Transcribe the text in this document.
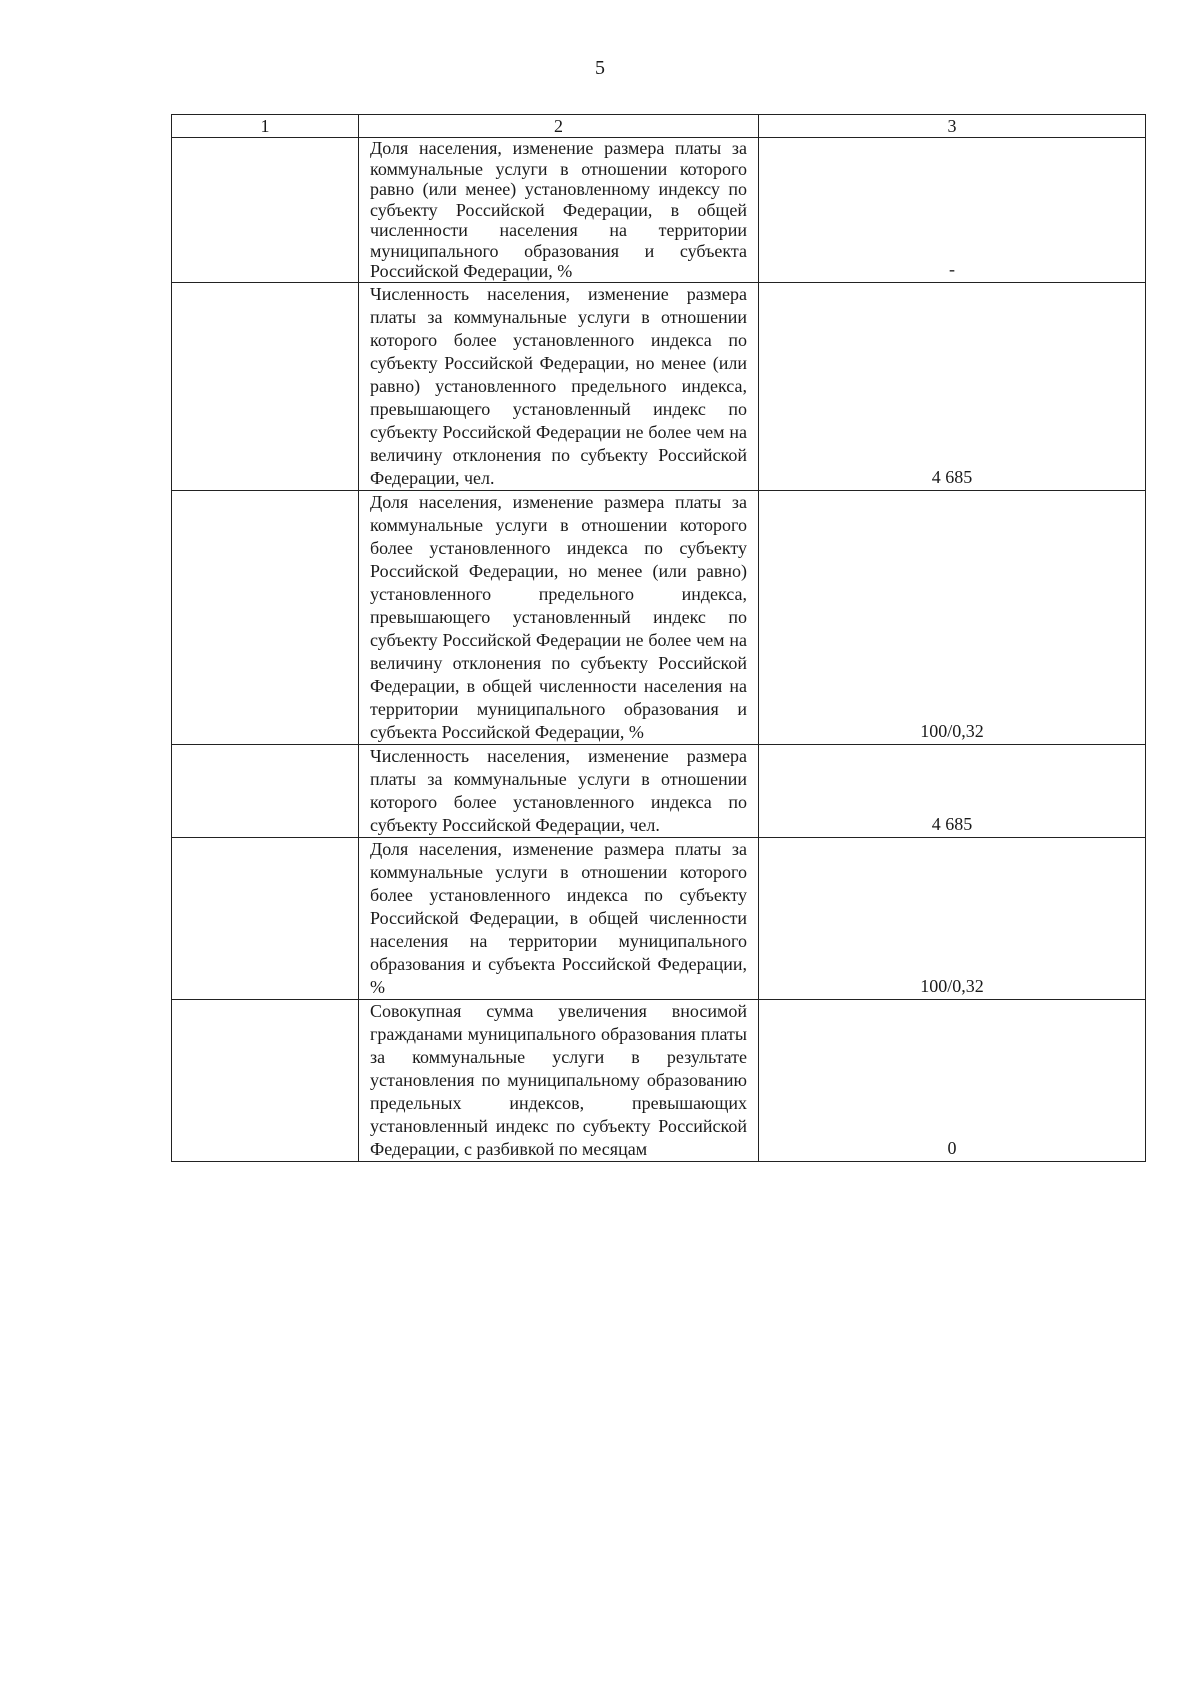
5
1	2	3
	Доля населения, изменение размера платы за коммунальные услуги в отношении которого равно (или менее) установленному индексу по субъекту Российской Федерации, в общей численности населения на территории муниципального образования и субъекта Российской Федерации, %	-
	Численность населения, изменение размера платы за коммунальные услуги в отношении которого более установленного индекса по субъекту Российской Федерации, но менее (или равно) установленного предельного индекса, превышающего установленный индекс по субъекту Российской Федерации не более чем на величину отклонения по субъекту Российской Федерации, чел.	4 685
	Доля населения, изменение размера платы за коммунальные услуги в отношении которого более установленного индекса по субъекту Российской Федерации, но менее (или равно) установленного предельного индекса, превышающего установленный индекс по субъекту Российской Федерации не более чем на величину отклонения по субъекту Российской Федерации, в общей численности населения на территории муниципального образования и субъекта Российской Федерации, %	100/0,32
	Численность населения, изменение размера платы за коммунальные услуги в отношении которого более установленного индекса по субъекту Российской Федерации, чел.	4 685
	Доля населения, изменение размера платы за коммунальные услуги в отношении которого более установленного индекса по субъекту Российской Федерации, в общей численности населения на территории муниципального образования и субъекта Российской Федерации, %	100/0,32
	Совокупная сумма увеличения вносимой гражданами муниципального образования платы за коммунальные услуги в результате установления по муниципальному образованию предельных индексов, превышающих установленный индекс по субъекту Российской Федерации, с разбивкой по месяцам	0
